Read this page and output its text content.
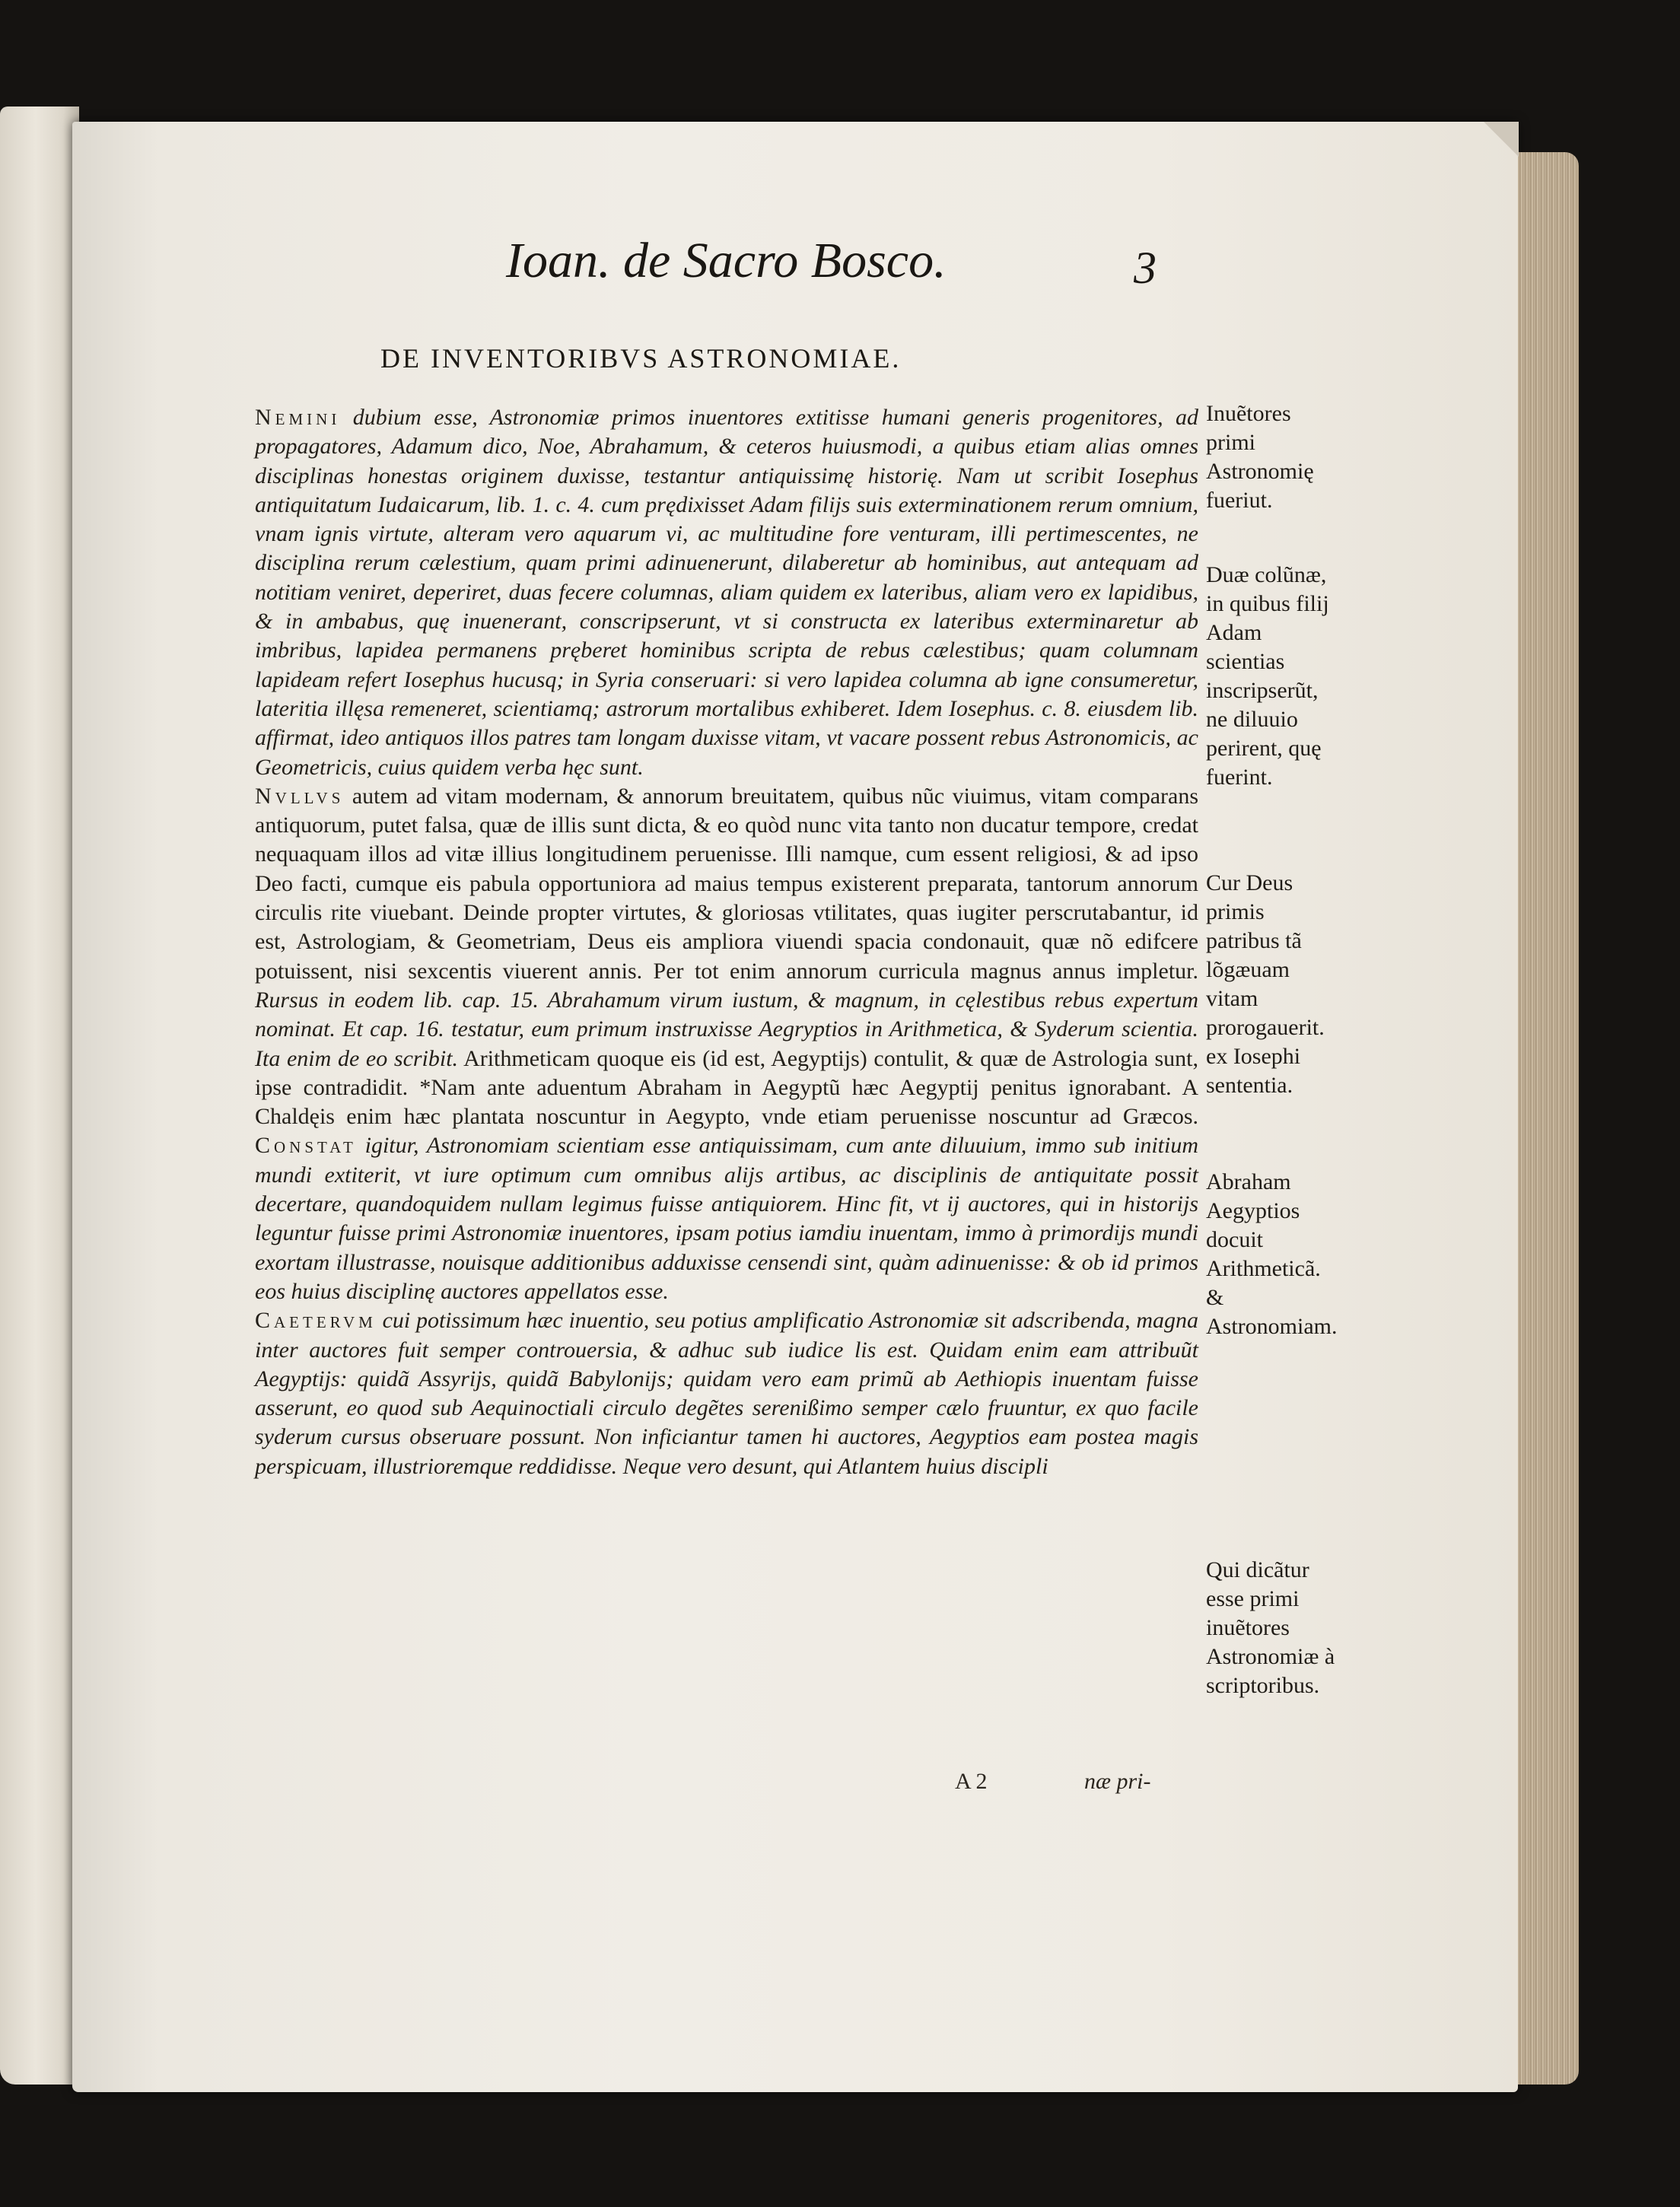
Ioan. de Sacro Bosco.	3
DE INVENTORIBVS ASTRONOMIAE.

Nemini dubium esse, Astronomiæ primos inuentores extitisse humani generis progenitores, ad propagatores, Adamum dico, Noe, Abrahamum, & ceteros huiusmodi, a quibus etiam alias omnes disciplinas honestas originem duxisse, testantur antiquissimę historię. Nam ut scribit Iosephus antiquitatum Iudaicarum, lib. 1. c. 4. cum prędixisset Adam filijs suis exterminationem rerum omnium, vnam ignis virtute, alteram vero aquarum vi, ac multitudine fore venturam, illi pertimescentes, ne disciplina rerum cælestium, quam primi adinuenerunt, dilaberetur ab hominibus, aut antequam ad notitiam veniret, deperiret, duas fecere columnas, aliam quidem ex lateribus, aliam vero ex lapidibus, & in ambabus, quę inuenerant, conscripserunt, vt si constructa ex lateribus exterminaretur ab imbribus, lapidea permanens pręberet hominibus scripta de rebus cælestibus; quam columnam lapideam refert Iosephus hucusq; in Syria conseruari: si vero lapidea columna ab igne consumeretur, lateritia illęsa remeneret, scientiamq; astrorum mortalibus exhiberet. Idem Iosephus. c. 8. eiusdem lib. affirmat, ideo antiquos illos patres tam longam duxisse vitam, vt vacare possent rebus Astronomicis, ac Geometricis, cuius quidem verba hęc sunt.

Nvllvs autem ad vitam modernam, & annorum breuitatem, quibus nũc viuimus, vitam comparans antiquorum, putet falsa, quæ de illis sunt dicta, & eo quòd nunc vita tanto non ducatur tempore, credat nequaquam illos ad vitæ illius longitudinem peruenisse. Illi namque, cum essent religiosi, & ad ipso Deo facti, cumque eis pabula opportuniora ad maius tempus existerent preparata, tantorum annorum circulis rite viuebant. Deinde propter virtutes, & gloriosas vtilitates, quas iugiter perscrutabantur, id est, Astrologiam, & Geometriam, Deus eis ampliora viuendi spacia condonauit, quæ nõ edifcere potuissent, nisi sexcentis viuerent annis. Per tot enim annorum curricula magnus annus impletur. Rursus in eodem lib. cap. 15. Abrahamum virum iustum, & magnum, in cęlestibus rebus expertum nominat. Et cap. 16. testatur, eum primum instruxisse Aegryptios in Arithmetica, & Syderum scientia. Ita enim de eo scribit. Arithmeticam quoque eis (id est, Aegyptijs) contulit, & quæ de Astrologia sunt, ipse contradidit. *Nam ante aduentum Abraham in Aegyptũ hæc Aegyptij penitus ignorabant. A Chaldęis enim hæc plantata noscuntur in Aegypto, vnde etiam peruenisse noscuntur ad Græcos. Constat igitur, Astronomiam scientiam esse antiquissimam, cum ante diluuium, immo sub initium mundi extiterit, vt iure optimum cum omnibus alijs artibus, ac disciplinis de antiquitate possit decertare, quandoquidem nullam legimus fuisse antiquiorem. Hinc fit, vt ij auctores, qui in historijs leguntur fuisse primi Astronomiæ inuentores, ipsam potius iamdiu inuentam, immo à primordijs mundi exortam illustrasse, nouisque additionibus adduxisse censendi sint, quàm adinuenisse: & ob id primos eos huius disciplinę auctores appellatos esse.

Caetervm cui potissimum hæc inuentio, seu potius amplificatio Astronomiæ sit adscribenda, magna inter auctores fuit semper controuersia, & adhuc sub iudice lis est. Quidam enim eam attribuũt Aegyptijs: quidã Assyrijs, quidã Babylonijs; quidam vero eam primũ ab Aethiopis inuentam fuisse asserunt, eo quod sub Aequinoctiali circulo degẽtes serenißimo semper cælo fruuntur, ex quo facile syderum cursus obseruare possunt. Non inficiantur tamen hi auctores, Aegyptios eam postea magis perspicuam, illustrioremque reddidisse. Neque vero desunt, qui Atlantem huius discipli

Inuẽtores primi Astronomię fueriut.
Duæ colũnæ, in quibus filij Adam scientias inscripserũt, ne diluuio perirent, quę fuerint.
Cur Deus primis patribus tã lõgæuam vitam prorogauerit. ex Iosephi sententia.
Abraham Aegyptios docuit Arithmeticã. & Astronomiam.
Qui dicãtur esse primi inuẽtores Astronomiæ à scriptoribus.
A 2	næ pri-
